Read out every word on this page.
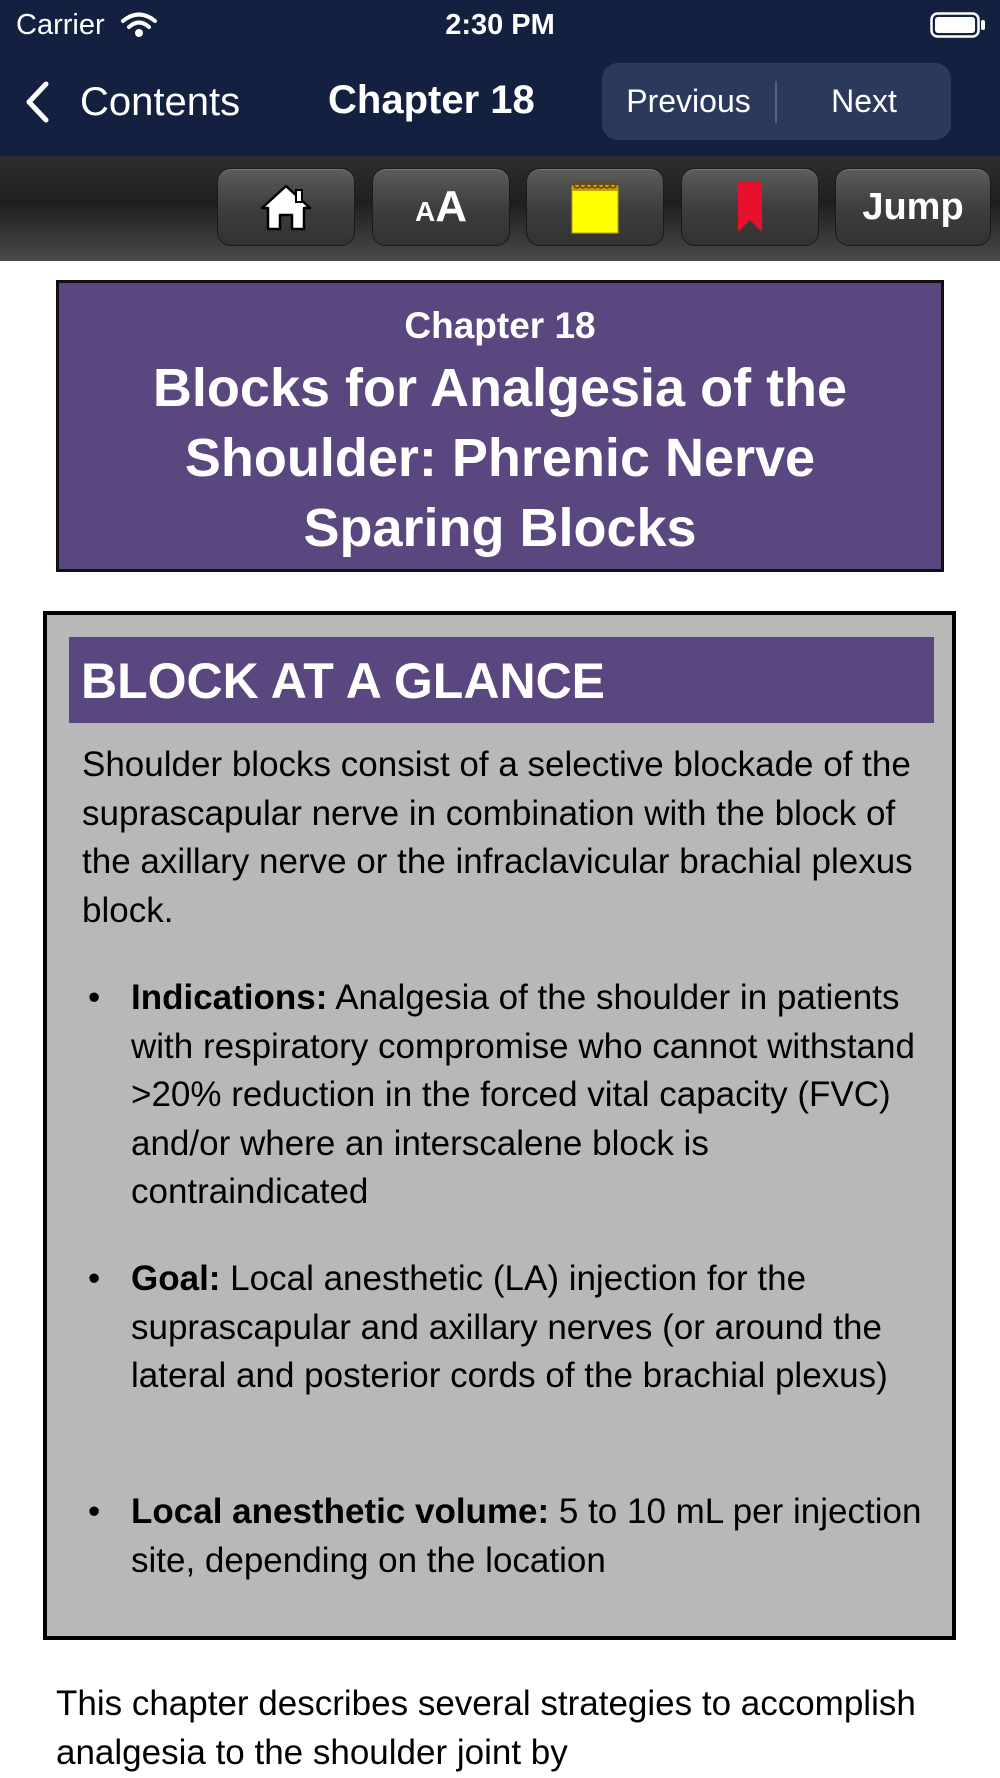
Carrier	2:30 PM
Contents Chapter 18	Previous	Next
A A	Jump
Chapter 18
Blocks for Analgesia of the Shoulder: Phrenic Nerve Sparing Blocks
BLOCK AT A GLANCE

Shoulder blocks consist of a selective blockade of the suprascapular nerve in combination with the block of the axillary nerve or the infraclavicular brachial plexus block.

• Indications: Analgesia of the shoulder in patients with respiratory compromise who cannot withstand >20% reduction in the forced vital capacity (FVC) and/or where an interscalene block is contraindicated
• Goal: Local anesthetic (LA) injection for the suprascapular and axillary nerves (or around the lateral and posterior cords of the brachial plexus)
• Local anesthetic volume: 5 to 10 mL per injection site, depending on the location

This chapter describes several strategies to accomplish analgesia to the shoulder joint by
